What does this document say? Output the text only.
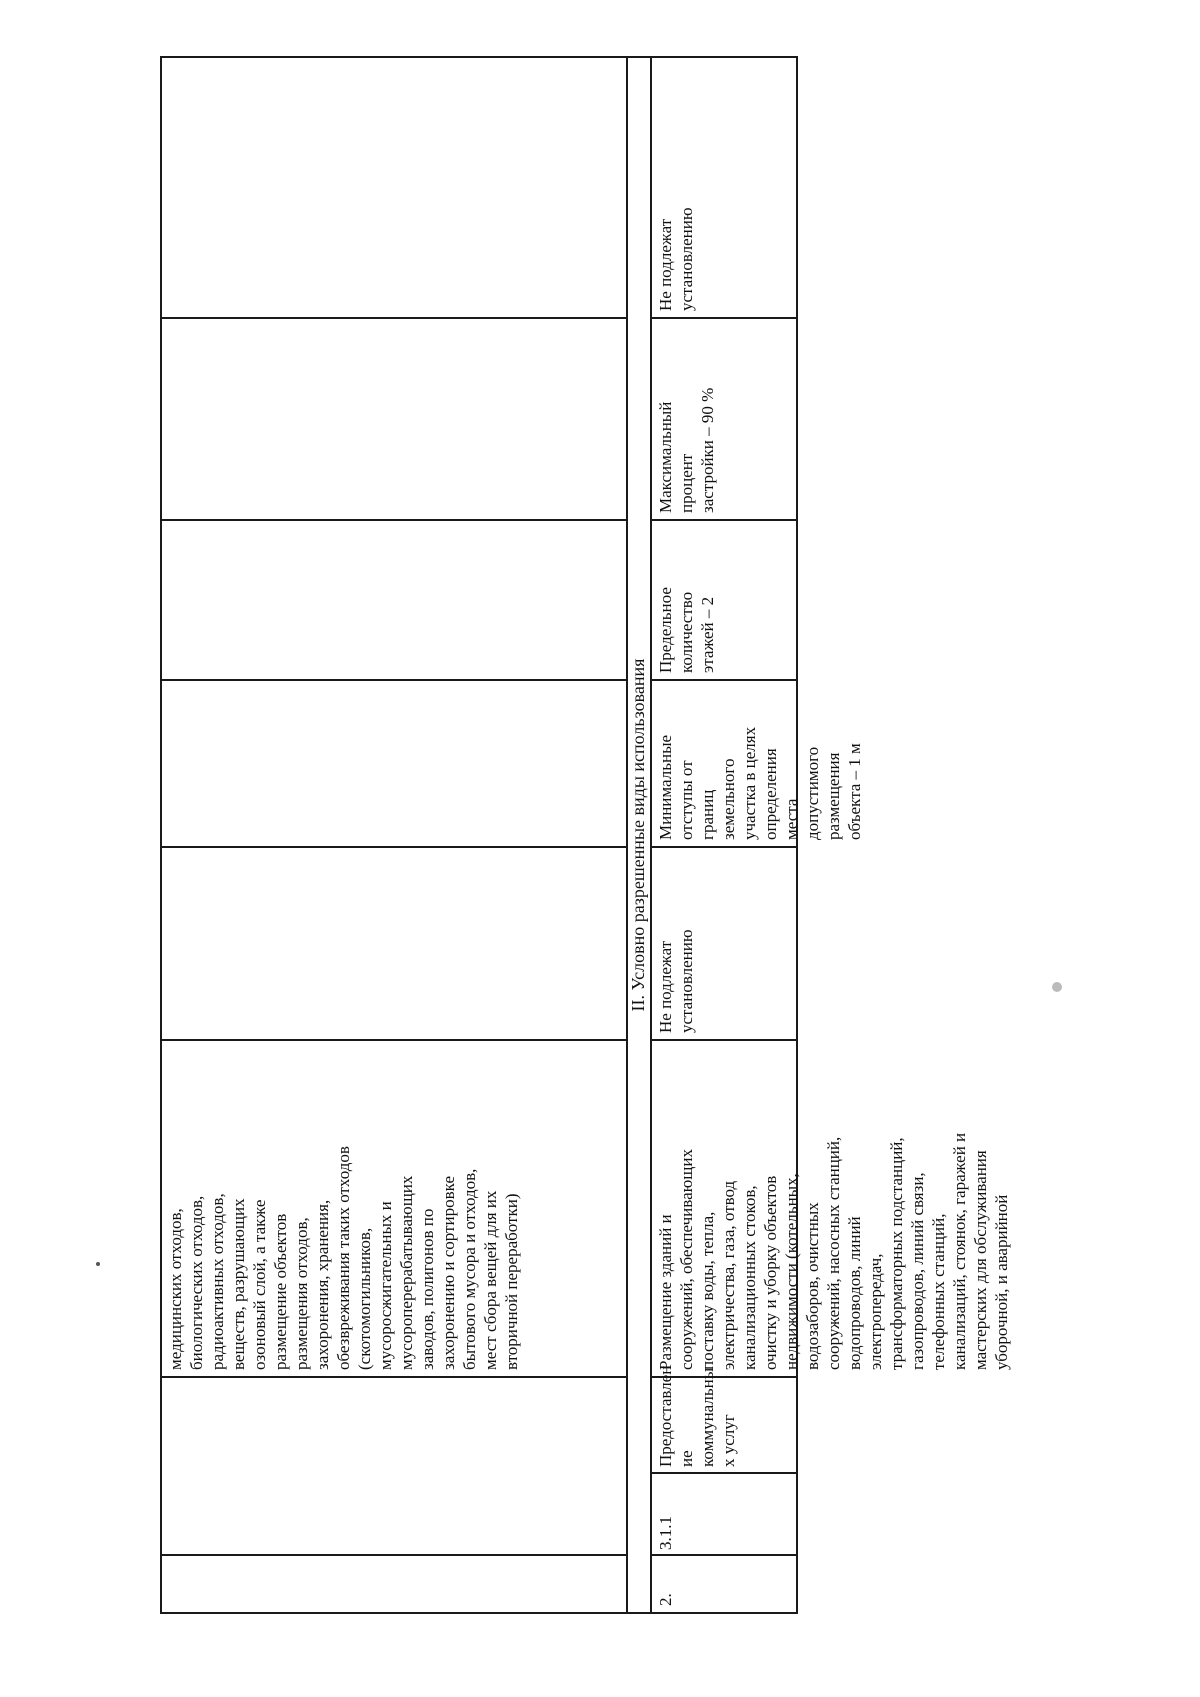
медицинских отходов,
биологических отходов,
радиоактивных отходов,
веществ, разрушающих
озоновый слой, а также
размещение объектов
размещения отходов,
захоронения, хранения,
обезвреживания таких отходов
(скотомогильников,
мусоросжигательных и
мусороперерабатывающих
заводов, полигонов по
захоронению и сортировке
бытового мусора и отходов,
мест сбора вещей для их
вторичной переработки)
II. Условно разрешенные виды использования
2.
3.1.1
Предоставлен
ие
коммунальны
х услуг
Размещение зданий и
сооружений, обеспечивающих
поставку воды, тепла,
электричества, газа, отвод
канализационных стоков,
очистку и уборку объектов
недвижимости (котельных,
водозаборов, очистных
сооружений, насосных станций,
водопроводов, линий
электропередач,
трансформаторных подстанций,
газопроводов, линий связи,
телефонных станций,
канализаций, стоянок, гаражей и
мастерских для обслуживания
уборочной, и аварийной
Не подлежат
установлению
Минимальные
отступы от
границ
земельного
участка в целях
определения
места
допустимого
размещения
объекта – 1 м
Предельное
количество
этажей – 2
Максимальный
процент
застройки – 90 %
Не подлежат
установлению
